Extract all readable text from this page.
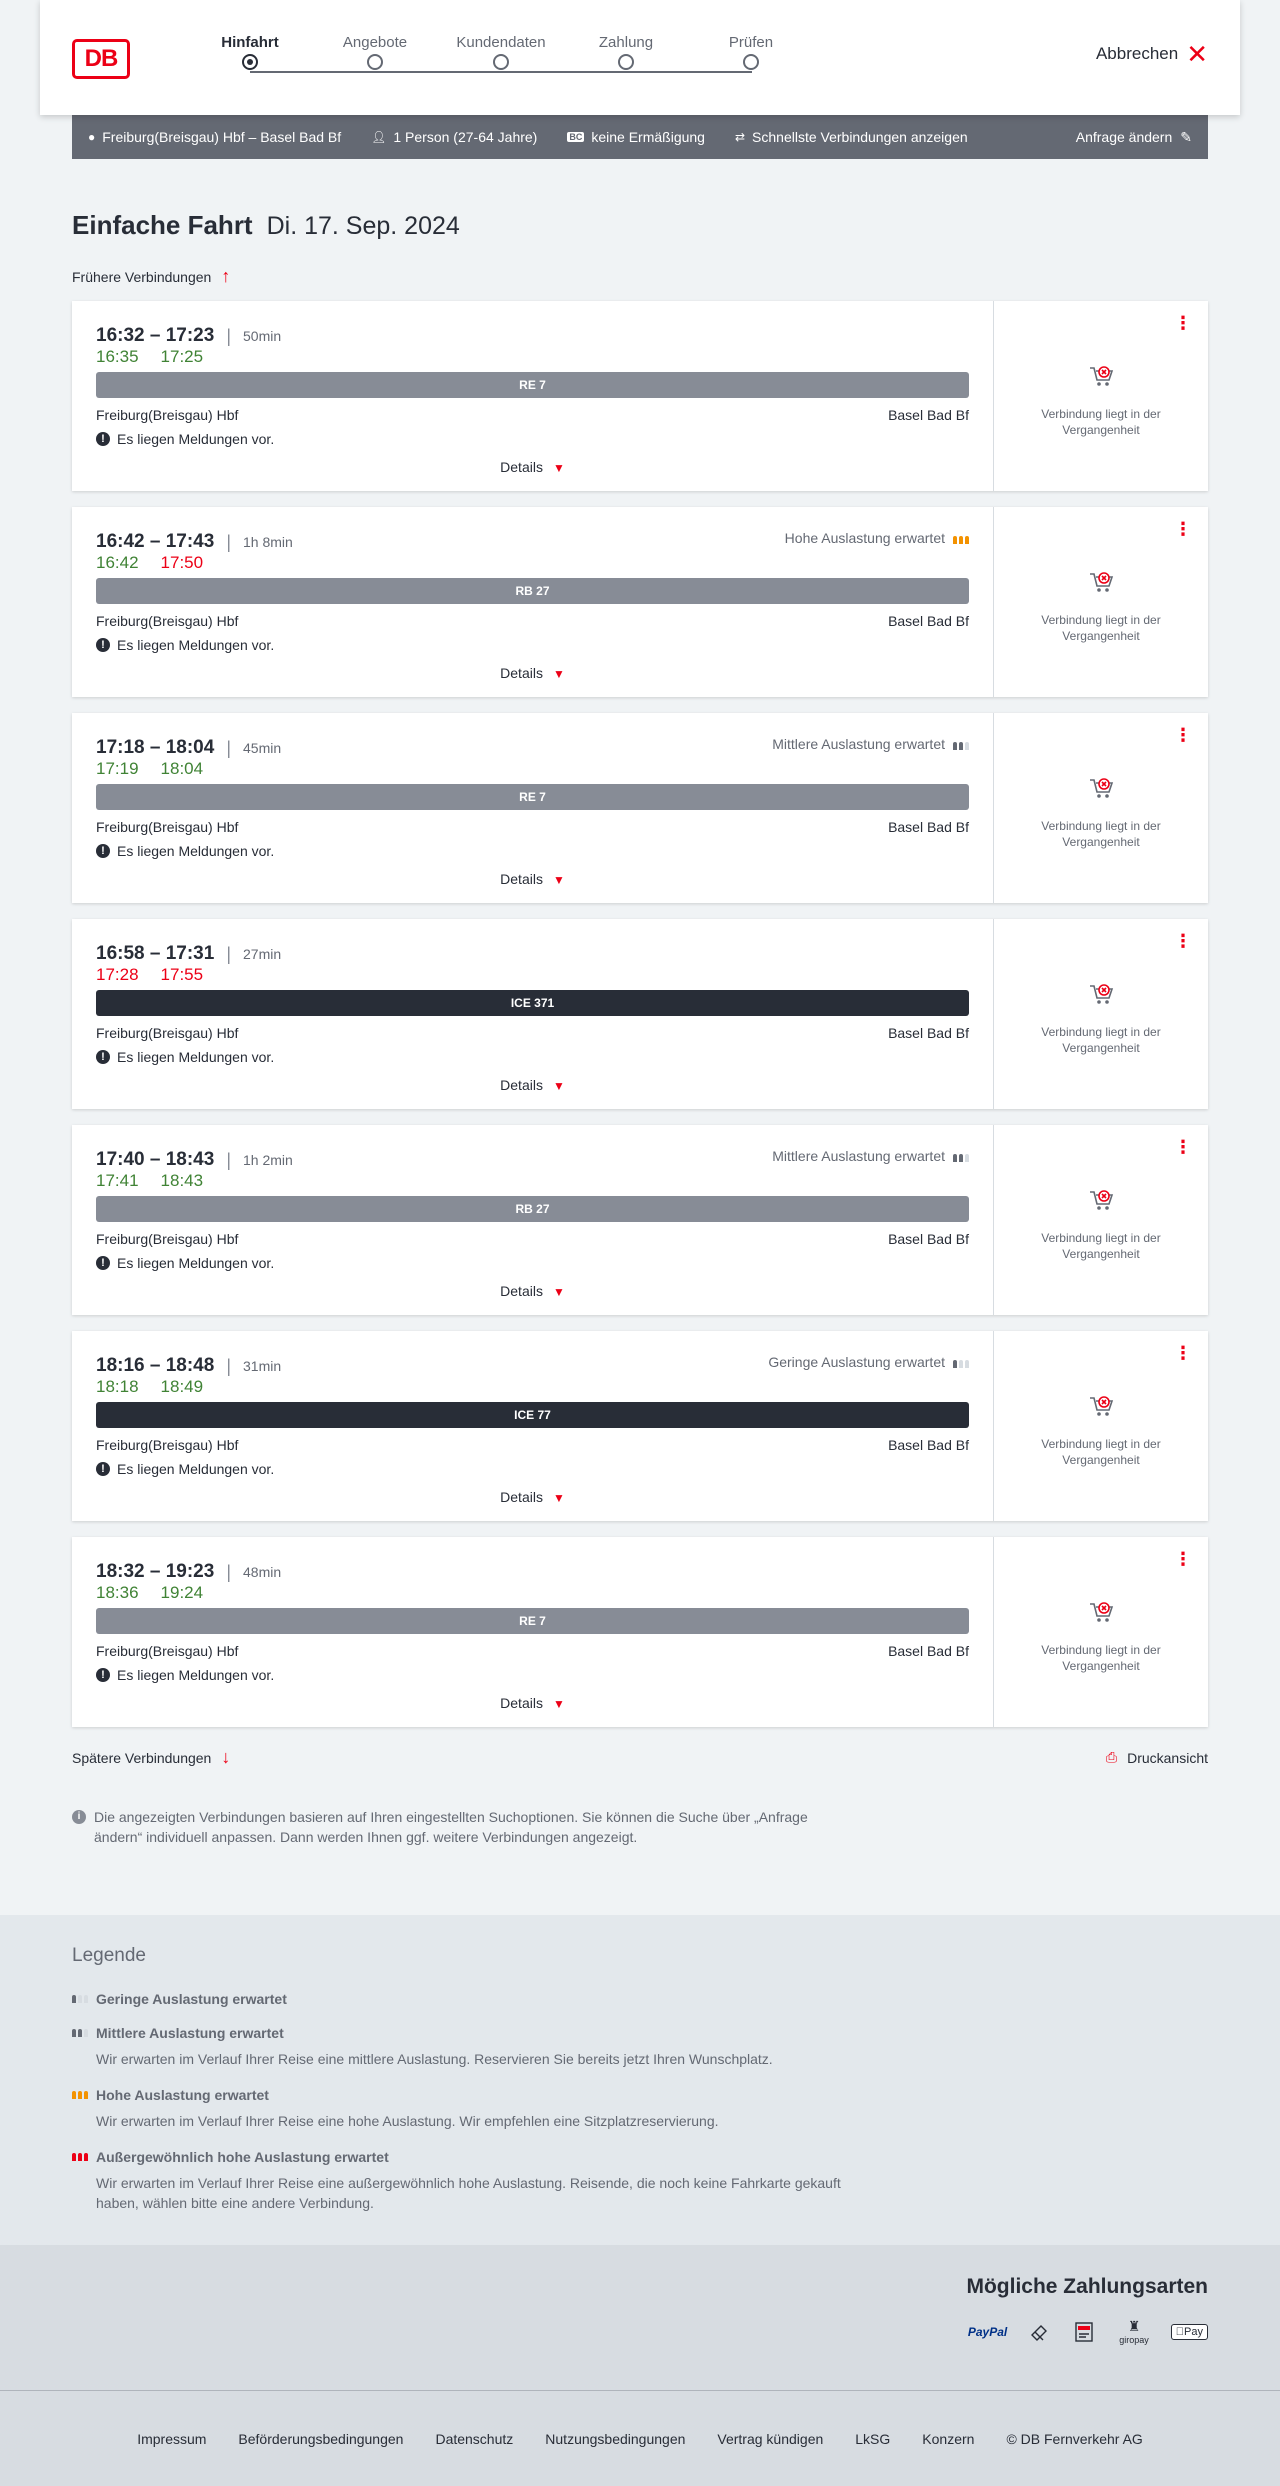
DB
Hinfahrt	Angebote	Kundendaten	Zahlung	Prüfen
Abbrechen ✕
● Freiburg(Breisgau) Hbf – Basel Bad Bf	👤︎ 1 Person (27-64 Jahre)	BC keine Ermäßigung	⇄ Schnellste Verbindungen anzeigen	Anfrage ändern ✎
Einfache Fahrt Di. 17. Sep. 2024
Frühere Verbindungen ↑
16:32 – 17:23 | 50min
16:35 17:25
RE 7
Freiburg(Breisgau) Hbf	Basel Bad Bf
! Es liegen Meldungen vor.
Details ▼
⋮
Verbindung liegt in der Vergangenheit
16:42 – 17:43 | 1h 8min
16:42 17:50
Hohe Auslastung erwartet
RB 27
Freiburg(Breisgau) Hbf	Basel Bad Bf
! Es liegen Meldungen vor.
Details ▼
⋮
Verbindung liegt in der Vergangenheit
17:18 – 18:04 | 45min
17:19 18:04
Mittlere Auslastung erwartet
RE 7
Freiburg(Breisgau) Hbf	Basel Bad Bf
! Es liegen Meldungen vor.
Details ▼
⋮
Verbindung liegt in der Vergangenheit
16:58 – 17:31 | 27min
17:28 17:55
ICE 371
Freiburg(Breisgau) Hbf	Basel Bad Bf
! Es liegen Meldungen vor.
Details ▼
⋮
Verbindung liegt in der Vergangenheit
17:40 – 18:43 | 1h 2min
17:41 18:43
Mittlere Auslastung erwartet
RB 27
Freiburg(Breisgau) Hbf	Basel Bad Bf
! Es liegen Meldungen vor.
Details ▼
⋮
Verbindung liegt in der Vergangenheit
18:16 – 18:48 | 31min
18:18 18:49
Geringe Auslastung erwartet
ICE 77
Freiburg(Breisgau) Hbf	Basel Bad Bf
! Es liegen Meldungen vor.
Details ▼
⋮
Verbindung liegt in der Vergangenheit
18:32 – 19:23 | 48min
18:36 19:24
RE 7
Freiburg(Breisgau) Hbf	Basel Bad Bf
! Es liegen Meldungen vor.
Details ▼
⋮
Verbindung liegt in der Vergangenheit
Spätere Verbindungen ↓	⎙ Druckansicht
i Die angezeigten Verbindungen basieren auf Ihren eingestellten Suchoptionen. Sie können die Suche über „Anfrage ändern“ individuell anpassen. Dann werden Ihnen ggf. weitere Verbindungen angezeigt.
Legende
Geringe Auslastung erwartet
Mittlere Auslastung erwartet
Wir erwarten im Verlauf Ihrer Reise eine mittlere Auslastung. Reservieren Sie bereits jetzt Ihren Wunschplatz.
Hohe Auslastung erwartet
Wir erwarten im Verlauf Ihrer Reise eine hohe Auslastung. Wir empfehlen eine Sitzplatzreservierung.
Außergewöhnlich hohe Auslastung erwartet
Wir erwarten im Verlauf Ihrer Reise eine außergewöhnlich hohe Auslastung. Reisende, die noch keine Fahrkarte gekauft haben, wählen bitte eine andere Verbindung.
Mögliche Zahlungsarten
PayPal	♜
giropay
Pay
Impressum Beförderungsbedingungen Datenschutz Nutzungsbedingungen Vertrag kündigen LkSG Konzern © DB Fernverkehr AG
